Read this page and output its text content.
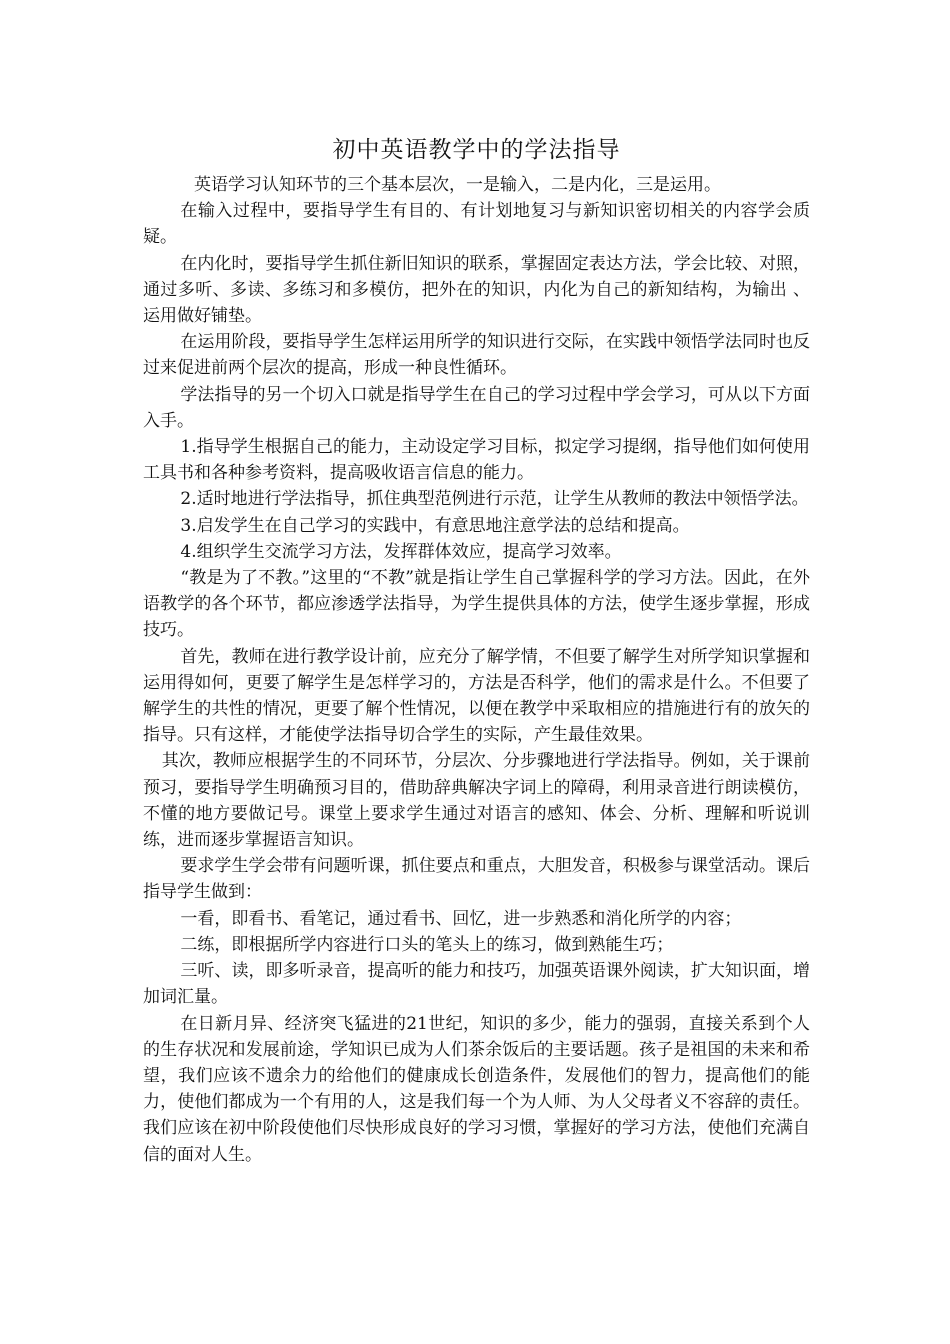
初中英语教学中的学法指导

英语学习认知环节的三个基本层次，一是输入，二是内化，三是运用。

在输入过程中，要指导学生有目的、有计划地复习与新知识密切相关的内容学会质疑。

在内化时，要指导学生抓住新旧知识的联系，掌握固定表达方法，学会比较、对照，通过多听、多读、多练习和多模仿，把外在的知识，内化为自己的新知结构，为输出 、运用做好铺垫。

在运用阶段，要指导学生怎样运用所学的知识进行交际，在实践中领悟学法同时也反过来促进前两个层次的提高，形成一种良性循环。

学法指导的另一个切入口就是指导学生在自己的学习过程中学会学习，可从以下方面入手。

1.指导学生根据自己的能力，主动设定学习目标，拟定学习提纲，指导他们如何使用工具书和各种参考资料，提高吸收语言信息的能力。

2.适时地进行学法指导，抓住典型范例进行示范，让学生从教师的教法中领悟学法。

3.启发学生在自己学习的实践中，有意思地注意学法的总结和提高。

4.组织学生交流学习方法，发挥群体效应，提高学习效率。

“教是为了不教。”这里的“不教”就是指让学生自己掌握科学的学习方法。因此，在外语教学的各个环节，都应渗透学法指导，为学生提供具体的方法，使学生逐步掌握，形成技巧。

首先，教师在进行教学设计前，应充分了解学情，不但要了解学生对所学知识掌握和运用得如何，更要了解学生是怎样学习的，方法是否科学，他们的需求是什么。不但要了解学生的共性的情况，更要了解个性情况，以便在教学中采取相应的措施进行有的放矢的指导。只有这样，才能使学法指导切合学生的实际，产生最佳效果。

其次，教师应根据学生的不同环节，分层次、分步骤地进行学法指导。例如，关于课前预习，要指导学生明确预习目的，借助辞典解决字词上的障碍，利用录音进行朗读模仿，不懂的地方要做记号。课堂上要求学生通过对语言的感知、体会、分析、理解和听说训练，进而逐步掌握语言知识。

要求学生学会带有问题听课，抓住要点和重点，大胆发音，积极参与课堂活动。课后指导学生做到：

一看，即看书、看笔记，通过看书、回忆，进一步熟悉和消化所学的内容；

二练，即根据所学内容进行口头的笔头上的练习，做到熟能生巧；

三听、读，即多听录音，提高听的能力和技巧，加强英语课外阅读，扩大知识面，增加词汇量。

在日新月异、经济突飞猛进的21世纪，知识的多少，能力的强弱，直接关系到个人的生存状况和发展前途，学知识已成为人们茶余饭后的主要话题。孩子是祖国的未来和希望，我们应该不遗余力的给他们的健康成长创造条件，发展他们的智力，提高他们的能力，使他们都成为一个有用的人，这是我们每一个为人师、为人父母者义不容辞的责任。我们应该在初中阶段使他们尽快形成良好的学习习惯，掌握好的学习方法，使他们充满自信的面对人生。
